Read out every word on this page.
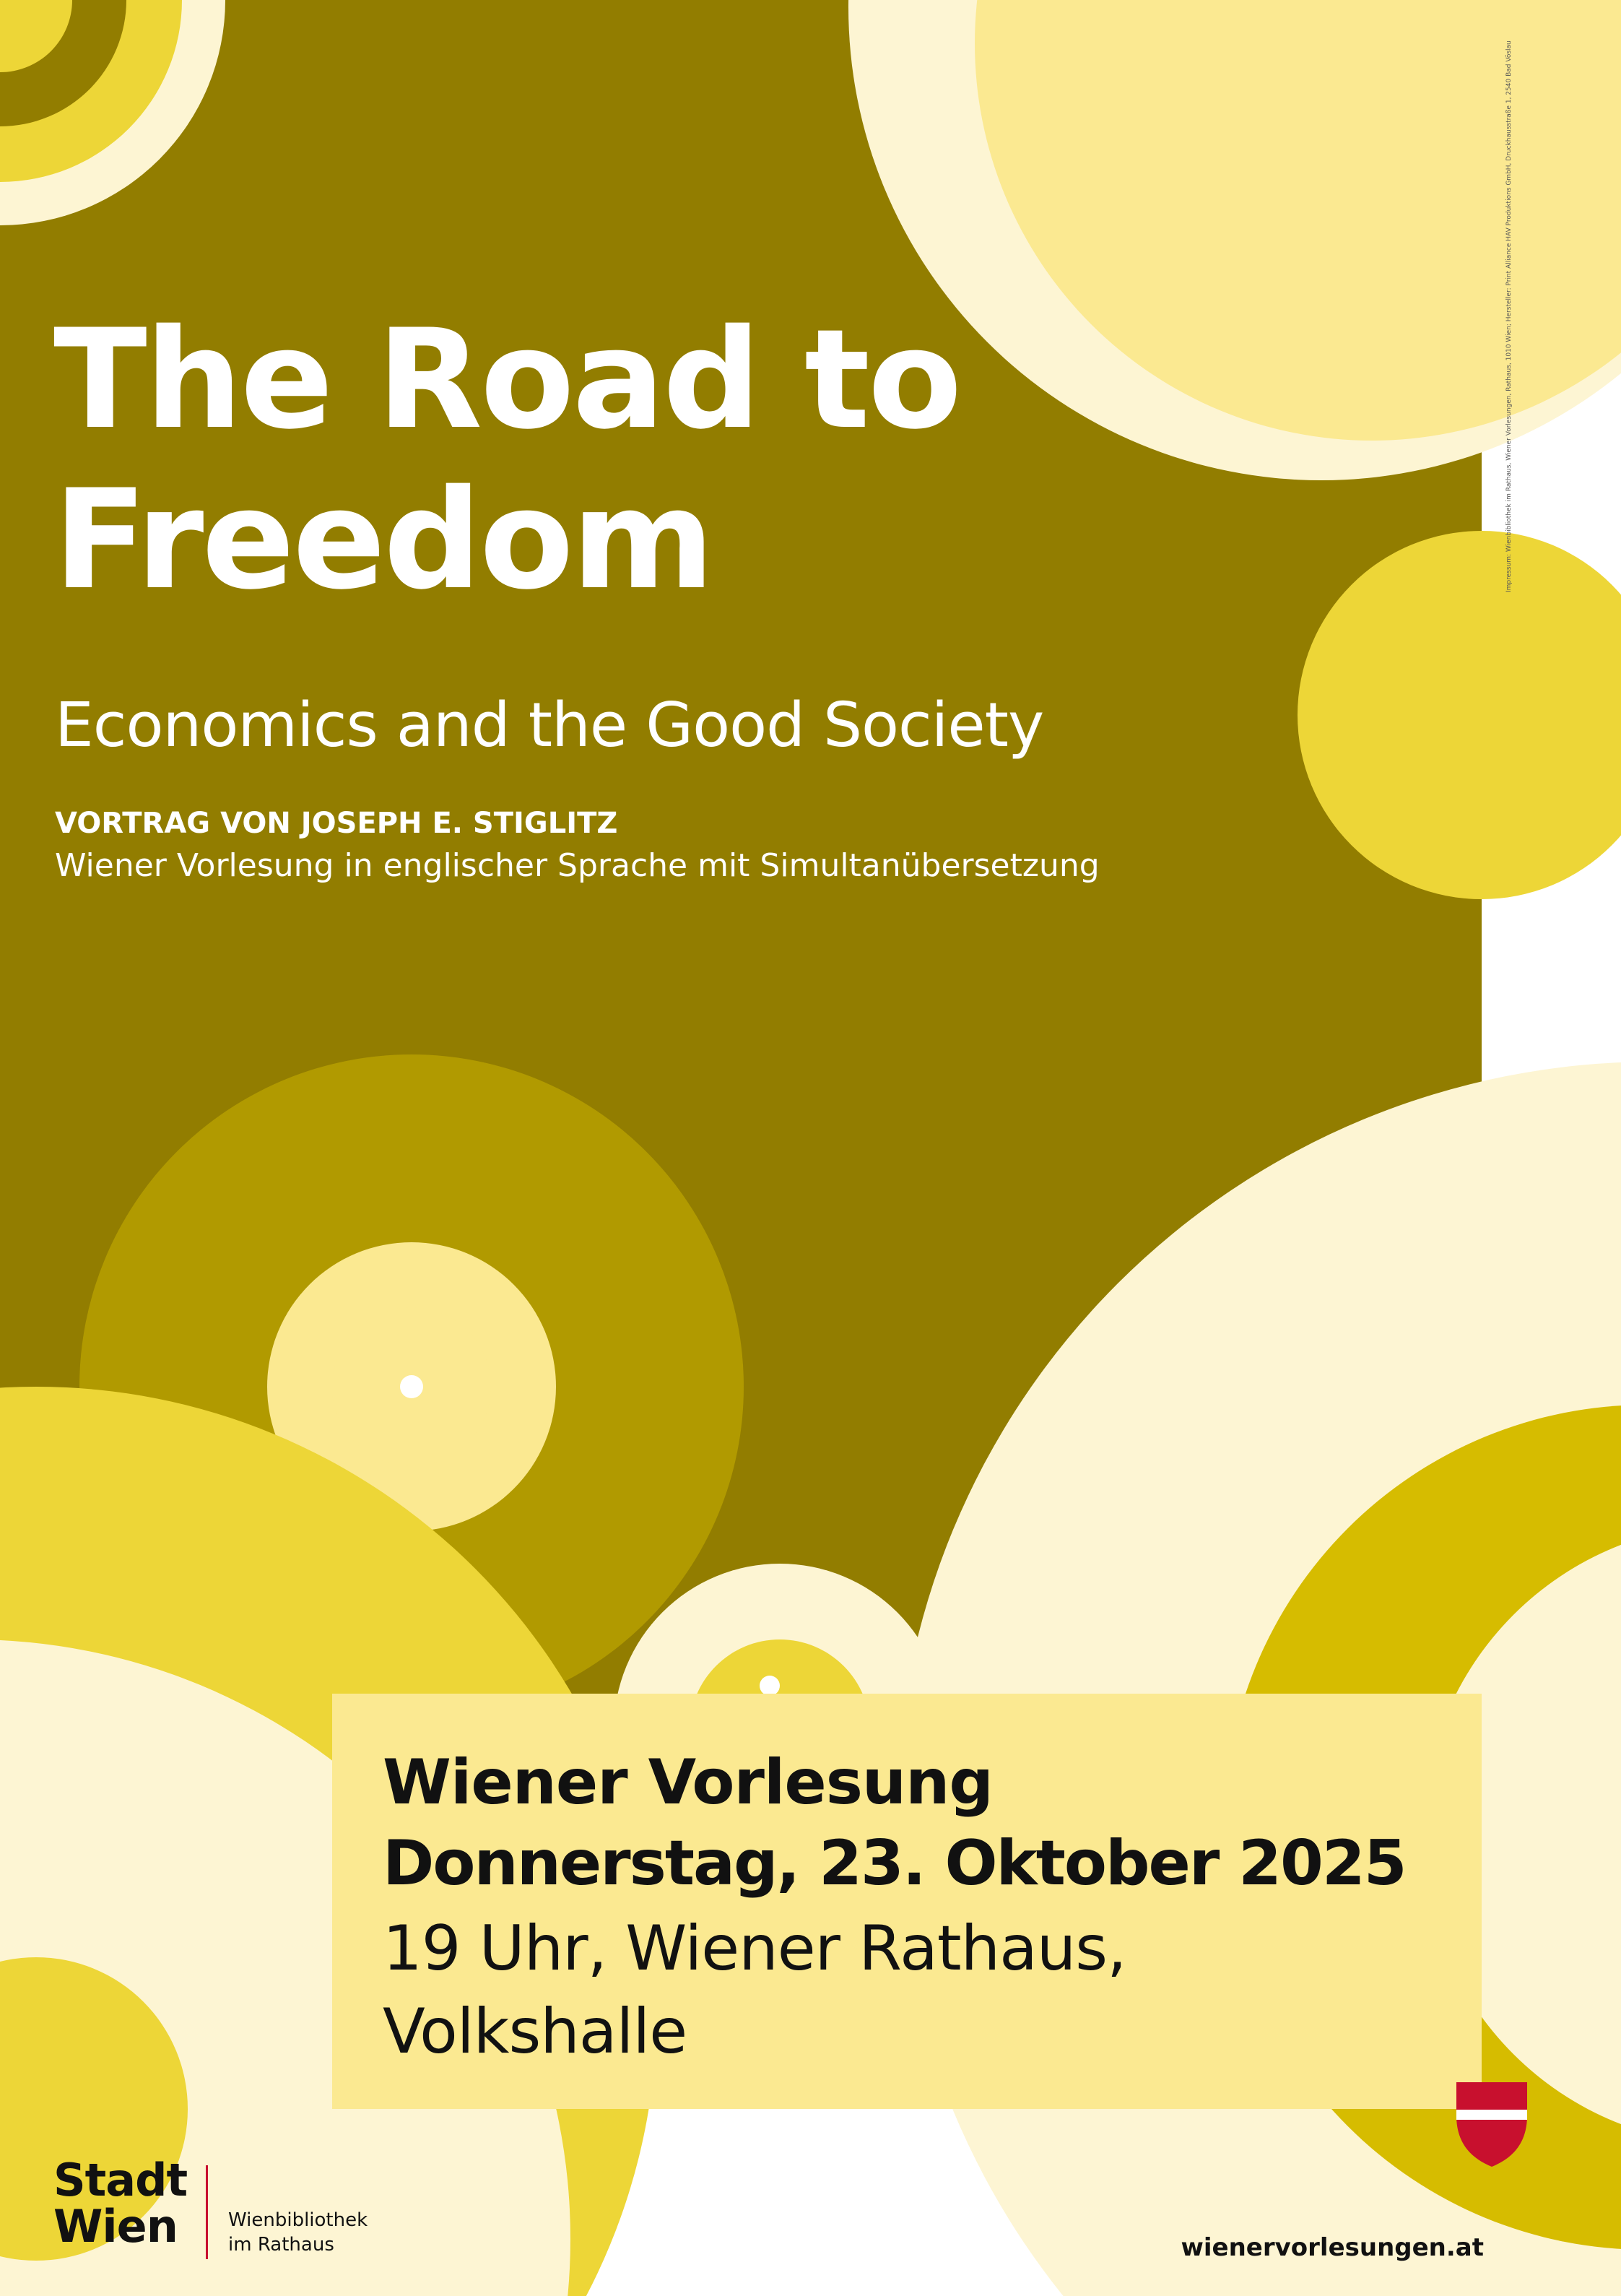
The Road to
Freedom
Economics and the Good Society
VORTRAG VON JOSEPH E. STIGLITZ
Wiener Vorlesung in englischer Sprache mit Simultanübersetzung
Wiener Vorlesung
Donnerstag, 23. Oktober 2025
19 Uhr, Wiener Rathaus,
Volkshalle
Impressum: Wienbibliothek im Rathaus, Wiener Vorlesungen, Rathaus, 1010 Wien; Hersteller: Print Alliance HAV Produktions GmbH, Druckhausstraße 1, 2540 Bad Vöslau
Stadt
Wien	Wienbibliothek
im Rathaus	wienervorlesungen.at
